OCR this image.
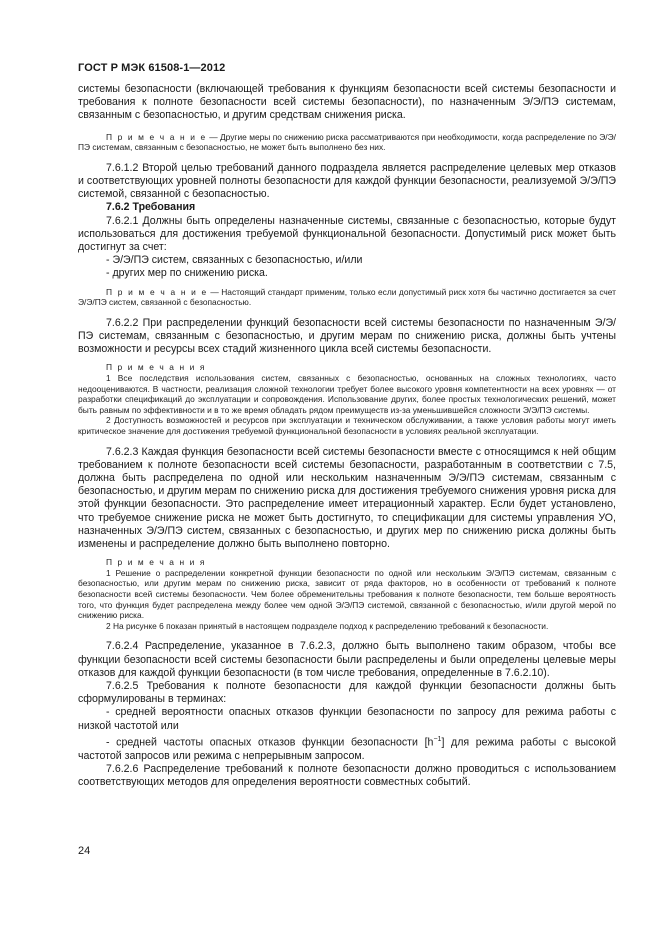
ГОСТ Р МЭК 61508-1—2012

системы безопасности (включающей требования к функциям безопасности всей системы безопасности и требования к полноте безопасности всей системы безопасности), по назначенным Э/Э/ПЭ системам, связанным с безопасностью, и другим средствам снижения риска.

П р и м е ч а н и е — Другие меры по снижению риска рассматриваются при необходимости, когда распределение по Э/Э/ПЭ системам, связанным с безопасностью, не может быть выполнено без них.

7.6.1.2 Второй целью требований данного подраздела является распределение целевых мер отказов и соответствующих уровней полноты безопасности для каждой функции безопасности, реализуемой Э/Э/ПЭ системой, связанной с безопасностью.

7.6.2 Требования

7.6.2.1 Должны быть определены назначенные системы, связанные с безопасностью, которые будут использоваться для достижения требуемой функциональной безопасности. Допустимый риск может быть достигнут за счет:

- Э/Э/ПЭ систем, связанных с безопасностью, и/или

- других мер по снижению риска.

П р и м е ч а н и е — Настоящий стандарт применим, только если допустимый риск хотя бы частично достигается за счет Э/Э/ПЭ систем, связанной с безопасностью.

7.6.2.2 При распределении функций безопасности всей системы безопасности по назначенным Э/Э/ПЭ системам, связанным с безопасностью, и другим мерам по снижению риска, должны быть учтены возможности и ресурсы всех стадий жизненного цикла всей системы безопасности.

П р и м е ч а н и я

1 Все последствия использования систем, связанных с безопасностью, основанных на сложных технологиях, часто недооцениваются. В частности, реализация сложной технологии требует более высокого уровня компетентности на всех уровнях — от разработки спецификаций до эксплуатации и сопровождения. Использование других, более простых технологических решений, может быть равным по эффективности и в то же время обладать рядом преимуществ из-за уменьшившейся сложности Э/Э/ПЭ системы.

2 Доступность возможностей и ресурсов при эксплуатации и техническом обслуживании, а также условия работы могут иметь критическое значение для достижения требуемой функциональной безопасности в условиях реальной эксплуатации.

7.6.2.3 Каждая функция безопасности всей системы безопасности вместе с относящимся к ней общим требованием к полноте безопасности всей системы безопасности, разработанным в соответствии с 7.5, должна быть распределена по одной или нескольким назначенным Э/Э/ПЭ системам, связанным с безопасностью, и другим мерам по снижению риска для достижения требуемого снижения уровня риска для этой функции безопасности. Это распределение имеет итерационный характер. Если будет установлено, что требуемое снижение риска не может быть достигнуто, то спецификации для системы управления УО, назначенных Э/Э/ПЭ систем, связанных с безопасностью, и других мер по снижению риска должны быть изменены и распределение должно быть выполнено повторно.

П р и м е ч а н и я

1 Решение о распределении конкретной функции безопасности по одной или нескольким Э/Э/ПЭ системам, связанным с безопасностью, или другим мерам по снижению риска, зависит от ряда факторов, но в особенности от требований к полноте безопасности всей системы безопасности. Чем более обременительны требования к полноте безопасности, тем больше вероятность того, что функция будет распределена между более чем одной Э/Э/ПЭ системой, связанной с безопасностью, и/или другой мерой по снижению риска.

2 На рисунке 6 показан принятый в настоящем подразделе подход к распределению требований к безопасности.

7.6.2.4 Распределение, указанное в 7.6.2.3, должно быть выполнено таким образом, чтобы все функции безопасности всей системы безопасности были распределены и были определены целевые меры отказов для каждой функции безопасности (в том числе требования, определенные в 7.6.2.10).

7.6.2.5 Требования к полноте безопасности для каждой функции безопасности должны быть сформулированы в терминах:

- средней вероятности опасных отказов функции безопасности по запросу для режима работы с низкой частотой или

- средней частоты опасных отказов функции безопасности $[h^{-1}]$ для режима работы с высокой частотой запросов или режима с непрерывным запросом.

7.6.2.6 Распределение требований к полноте безопасности должно проводиться с использованием соответствующих методов для определения вероятности совместных событий.

24
